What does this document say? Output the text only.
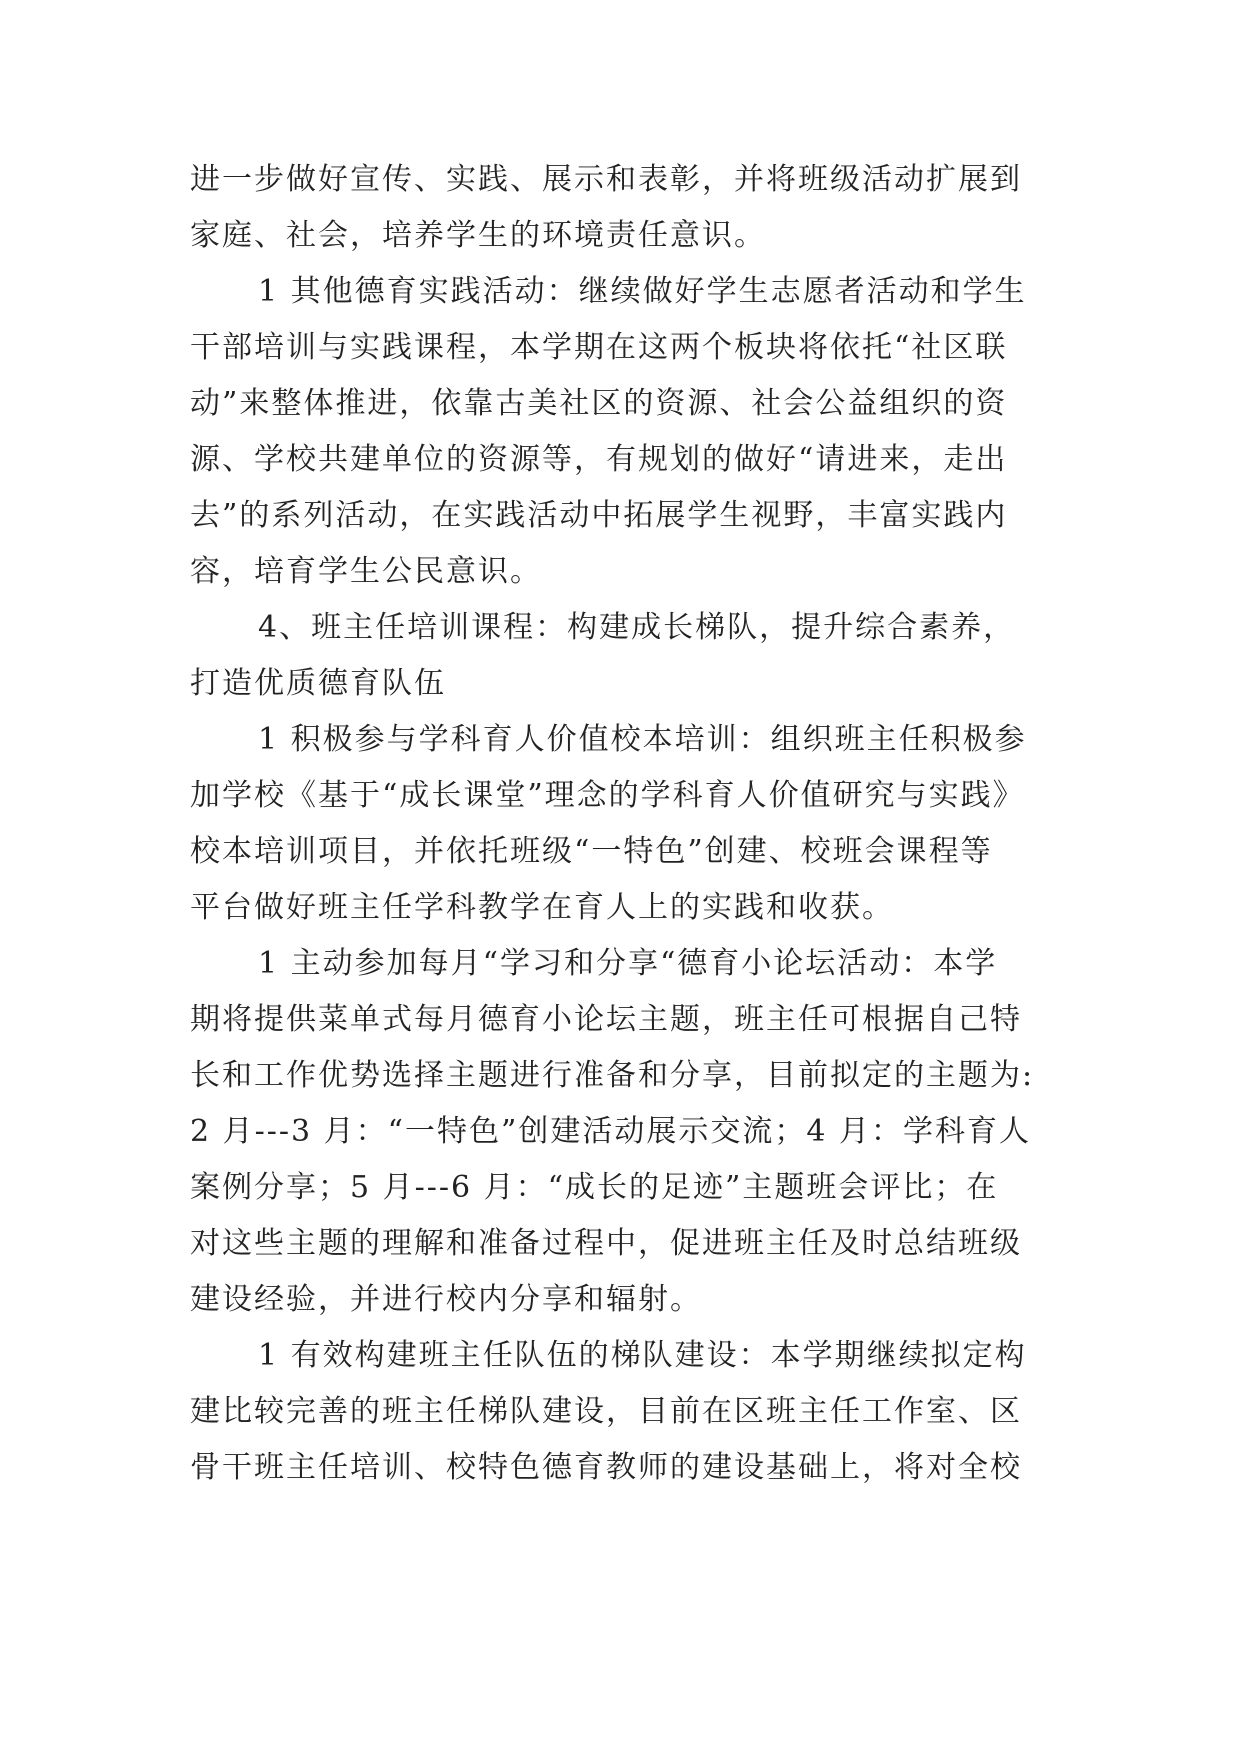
进一步做好宣传、实践、展示和表彰，并将班级活动扩展到
家庭、社会，培养学生的环境责任意识。
1 其他德育实践活动：继续做好学生志愿者活动和学生
干部培训与实践课程，本学期在这两个板块将依托“社区联
动”来整体推进，依靠古美社区的资源、社会公益组织的资
源、学校共建单位的资源等，有规划的做好“请进来，走出
去”的系列活动，在实践活动中拓展学生视野，丰富实践内
容，培育学生公民意识。
4、班主任培训课程：构建成长梯队，提升综合素养，
打造优质德育队伍
1 积极参与学科育人价值校本培训：组织班主任积极参
加学校《基于“成长课堂”理念的学科育人价值研究与实践》
校本培训项目，并依托班级“一特色”创建、校班会课程等
平台做好班主任学科教学在育人上的实践和收获。
1 主动参加每月“学习和分享“德育小论坛活动：本学
期将提供菜单式每月德育小论坛主题，班主任可根据自己特
长和工作优势选择主题进行准备和分享，目前拟定的主题为:
2 月---3 月：“一特色”创建活动展示交流；4 月：学科育人
案例分享；5 月---6 月：“成长的足迹”主题班会评比；在
对这些主题的理解和准备过程中，促进班主任及时总结班级
建设经验，并进行校内分享和辐射。
1 有效构建班主任队伍的梯队建设：本学期继续拟定构
建比较完善的班主任梯队建设，目前在区班主任工作室、区
骨干班主任培训、校特色德育教师的建设基础上，将对全校
